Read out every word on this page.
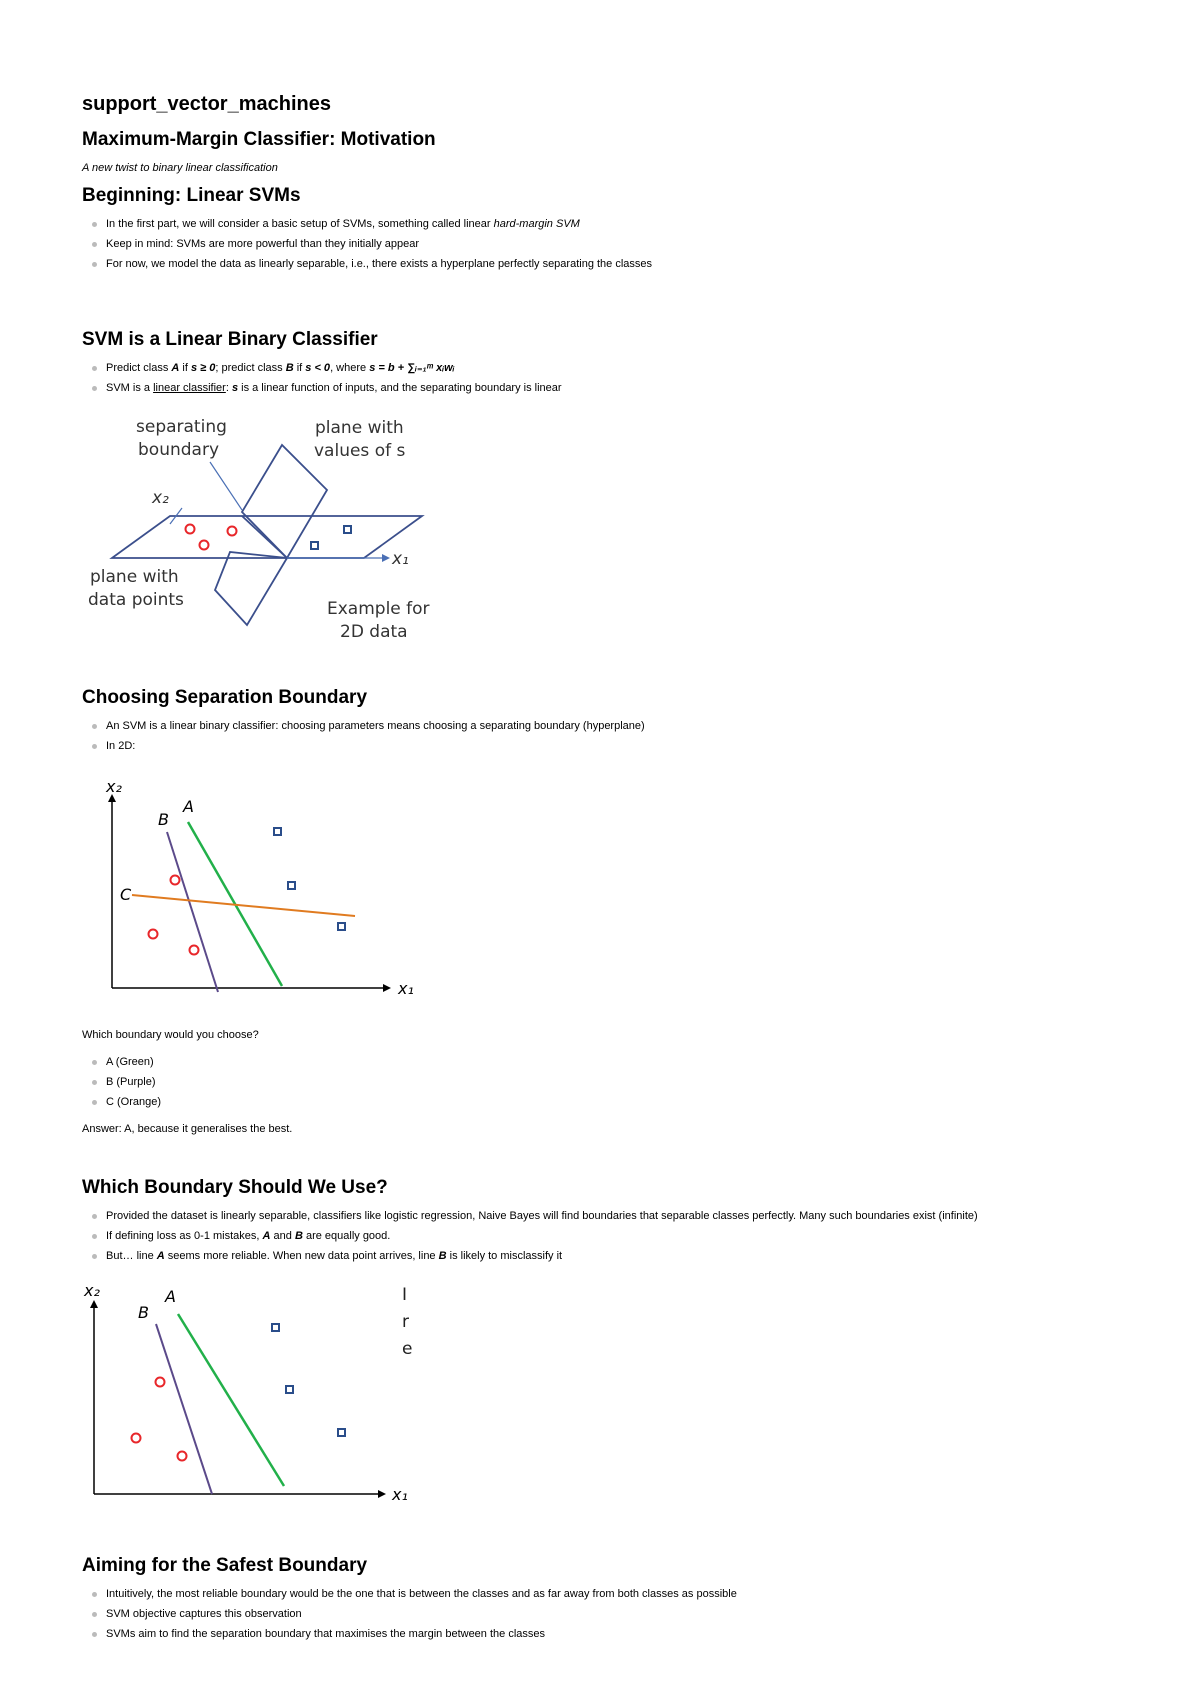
support_vector_machines
Maximum-Margin Classifier: Motivation
A new twist to binary linear classification
Beginning: Linear SVMs
In the first part, we will consider a basic setup of SVMs, something called linear hard-margin SVM
Keep in mind: SVMs are more powerful than they initially appear
For now, we model the data as linearly separable, i.e., there exists a hyperplane perfectly separating the classes
SVM is a Linear Binary Classifier
Predict class A if s ≥ 0; predict class B if s < 0, where s = b + ∑ᵢ₌₁ᵐ xᵢwᵢ
SVM is a linear classifier: s is a linear function of inputs, and the separating boundary is linear
separating
boundary
plane with
values of s
plane with
data points	Example for
2D data
x₂
x₁
Choosing Separation Boundary
An SVM is a linear binary classifier: choosing parameters means choosing a separating boundary (hyperplane)
In 2D:
x₂
x₁
B
A
C

Which boundary would you choose?

A (Green)
B (Purple)
C (Orange)

Answer: A, because it generalises the best.

Which Boundary Should We Use?
Provided the dataset is linearly separable, classifiers like logistic regression, Naive Bayes will find boundaries that separable classes perfectly. Many such boundaries exist (infinite)
If defining loss as 0-1 mistakes, A and B are equally good.
But… line A seems more reliable. When new data point arrives, line B is likely to misclassify it
x₂
x₁
B
A	I
r
e
Aiming for the Safest Boundary
Intuitively, the most reliable boundary would be the one that is between the classes and as far away from both classes as possible
SVM objective captures this observation
SVMs aim to find the separation boundary that maximises the margin between the classes
